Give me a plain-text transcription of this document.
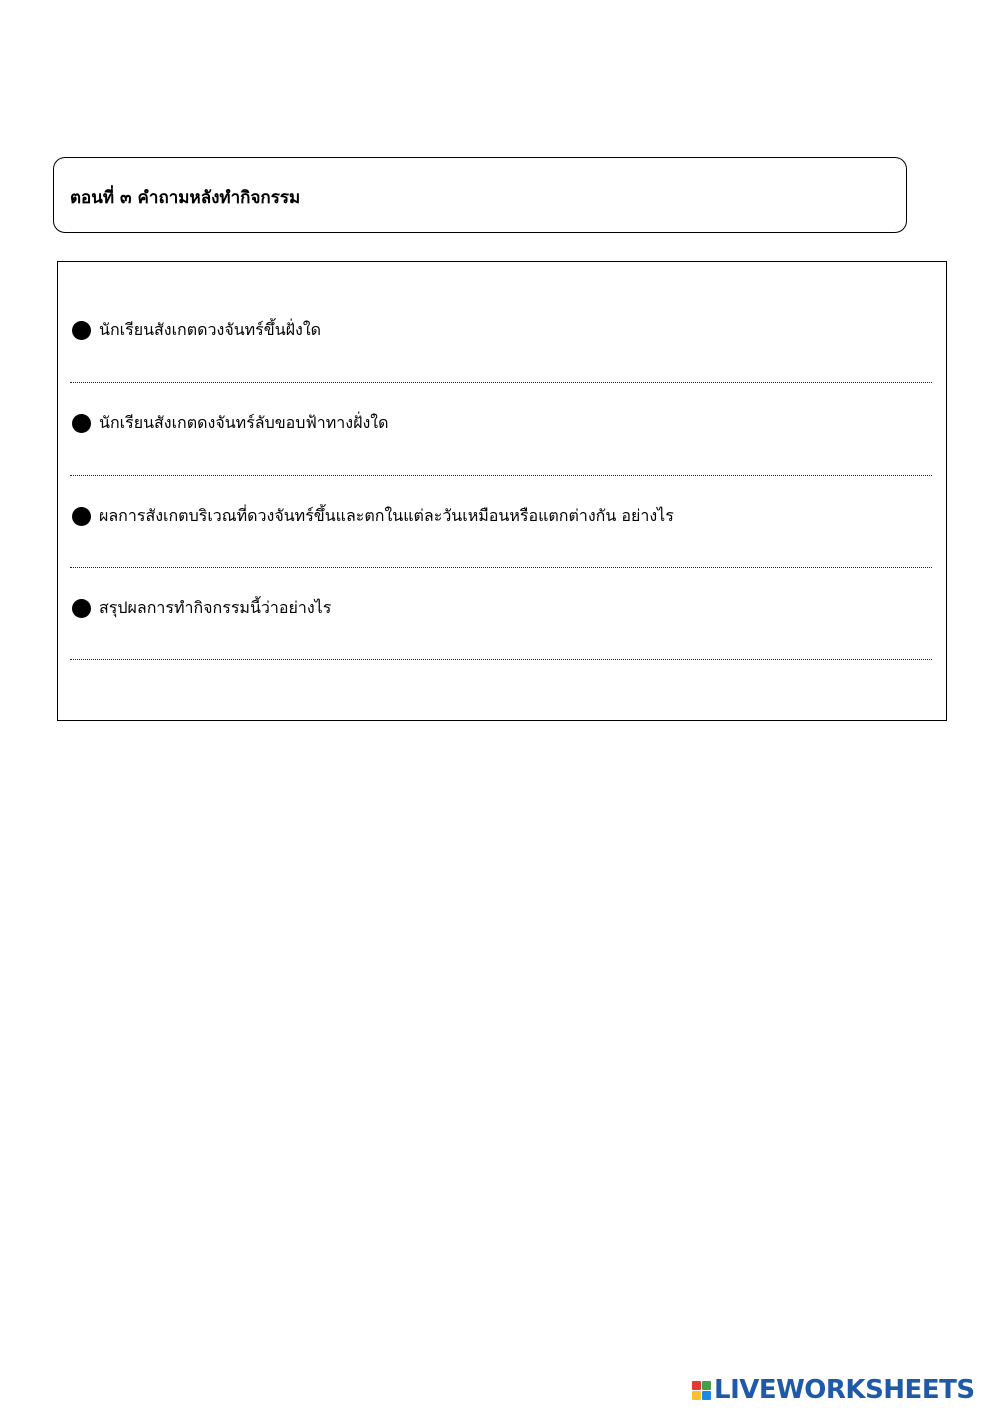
ตอนที่ ๓ คำถามหลังทำกิจกรรม
นักเรียนสังเกตดวงจันทร์ขึ้นฝั่งใด
นักเรียนสังเกตดงจันทร์ลับขอบฟ้าทางฝั่งใด
ผลการสังเกตบริเวณที่ดวงจันทร์ขึ้นและตกในแต่ละวันเหมือนหรือแตกต่างกัน อย่างไร
สรุปผลการทำกิจกรรมนี้ว่าอย่างไร
LIVEWORKSHEETS
